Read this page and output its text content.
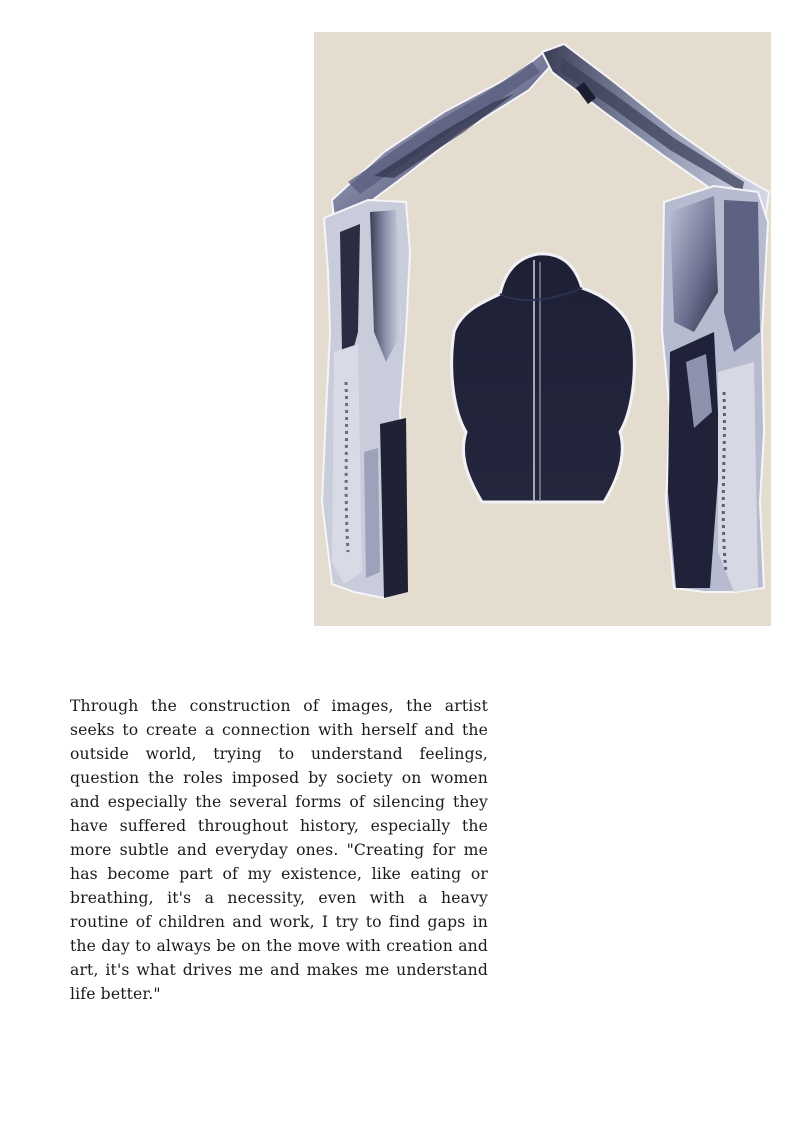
Through the construction of images, the artist seeks to create a connection with herself and the outside world, trying to understand feelings, question the roles imposed by society on women and especially the several forms of silencing they have suffered throughout history, especially the more subtle and everyday ones. "Creating for me has become part of my existence, like eating or breathing, it's a necessity, even with a heavy routine of children and work, I try to find gaps in the day to always be on the move with creation and art, it's what drives me and makes me understand life better."
